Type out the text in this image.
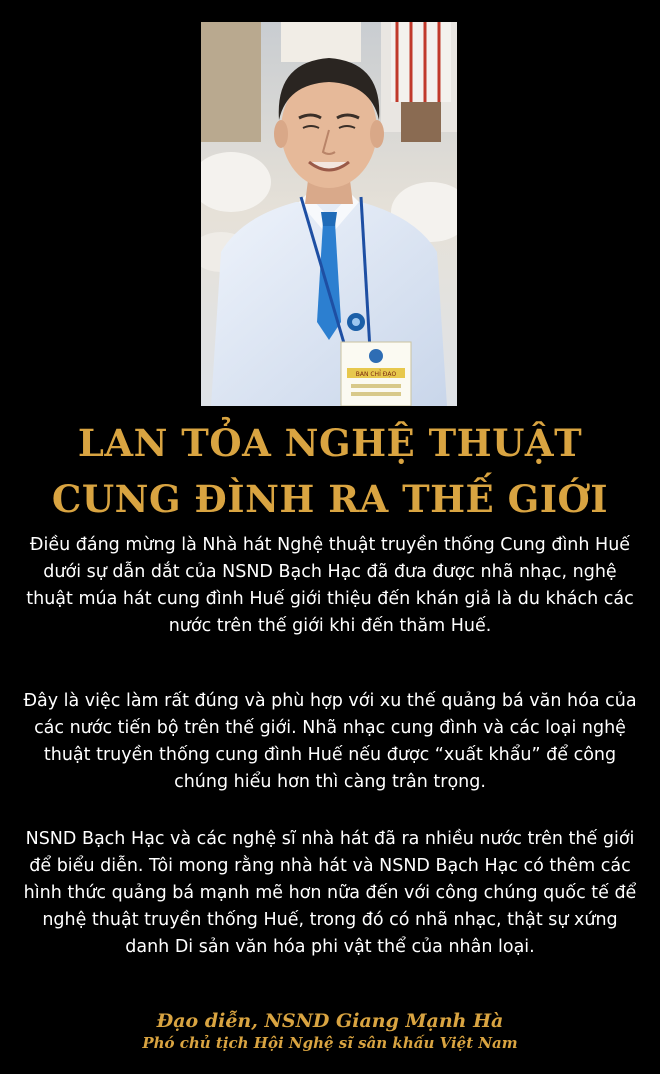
BAN CHỈ ĐẠO
LAN TỎA NGHỆ THUẬT
CUNG ĐÌNH RA THẾ GIỚI

Điều đáng mừng là Nhà hát Nghệ thuật truyền thống Cung đình Huế dưới sự dẫn dắt của NSND Bạch Hạc đã đưa được nhã nhạc, nghệ thuật múa hát cung đình Huế giới thiệu đến khán giả là du khách các nước trên thế giới khi đến thăm Huế.

Đây là việc làm rất đúng và phù hợp với xu thế quảng bá văn hóa của các nước tiến bộ trên thế giới. Nhã nhạc cung đình và các loại nghệ thuật truyền thống cung đình Huế nếu được “xuất khẩu” để công chúng hiểu hơn thì càng trân trọng.

NSND Bạch Hạc và các nghệ sĩ nhà hát đã ra nhiều nước trên thế giới để biểu diễn. Tôi mong rằng nhà hát và NSND Bạch Hạc có thêm các hình thức quảng bá mạnh mẽ hơn nữa đến với công chúng quốc tế để nghệ thuật truyền thống Huế, trong đó có nhã nhạc, thật sự xứng danh Di sản văn hóa phi vật thể của nhân loại.

Đạo diễn, NSND Giang Mạnh Hà
Phó chủ tịch Hội Nghệ sĩ sân khấu Việt Nam
